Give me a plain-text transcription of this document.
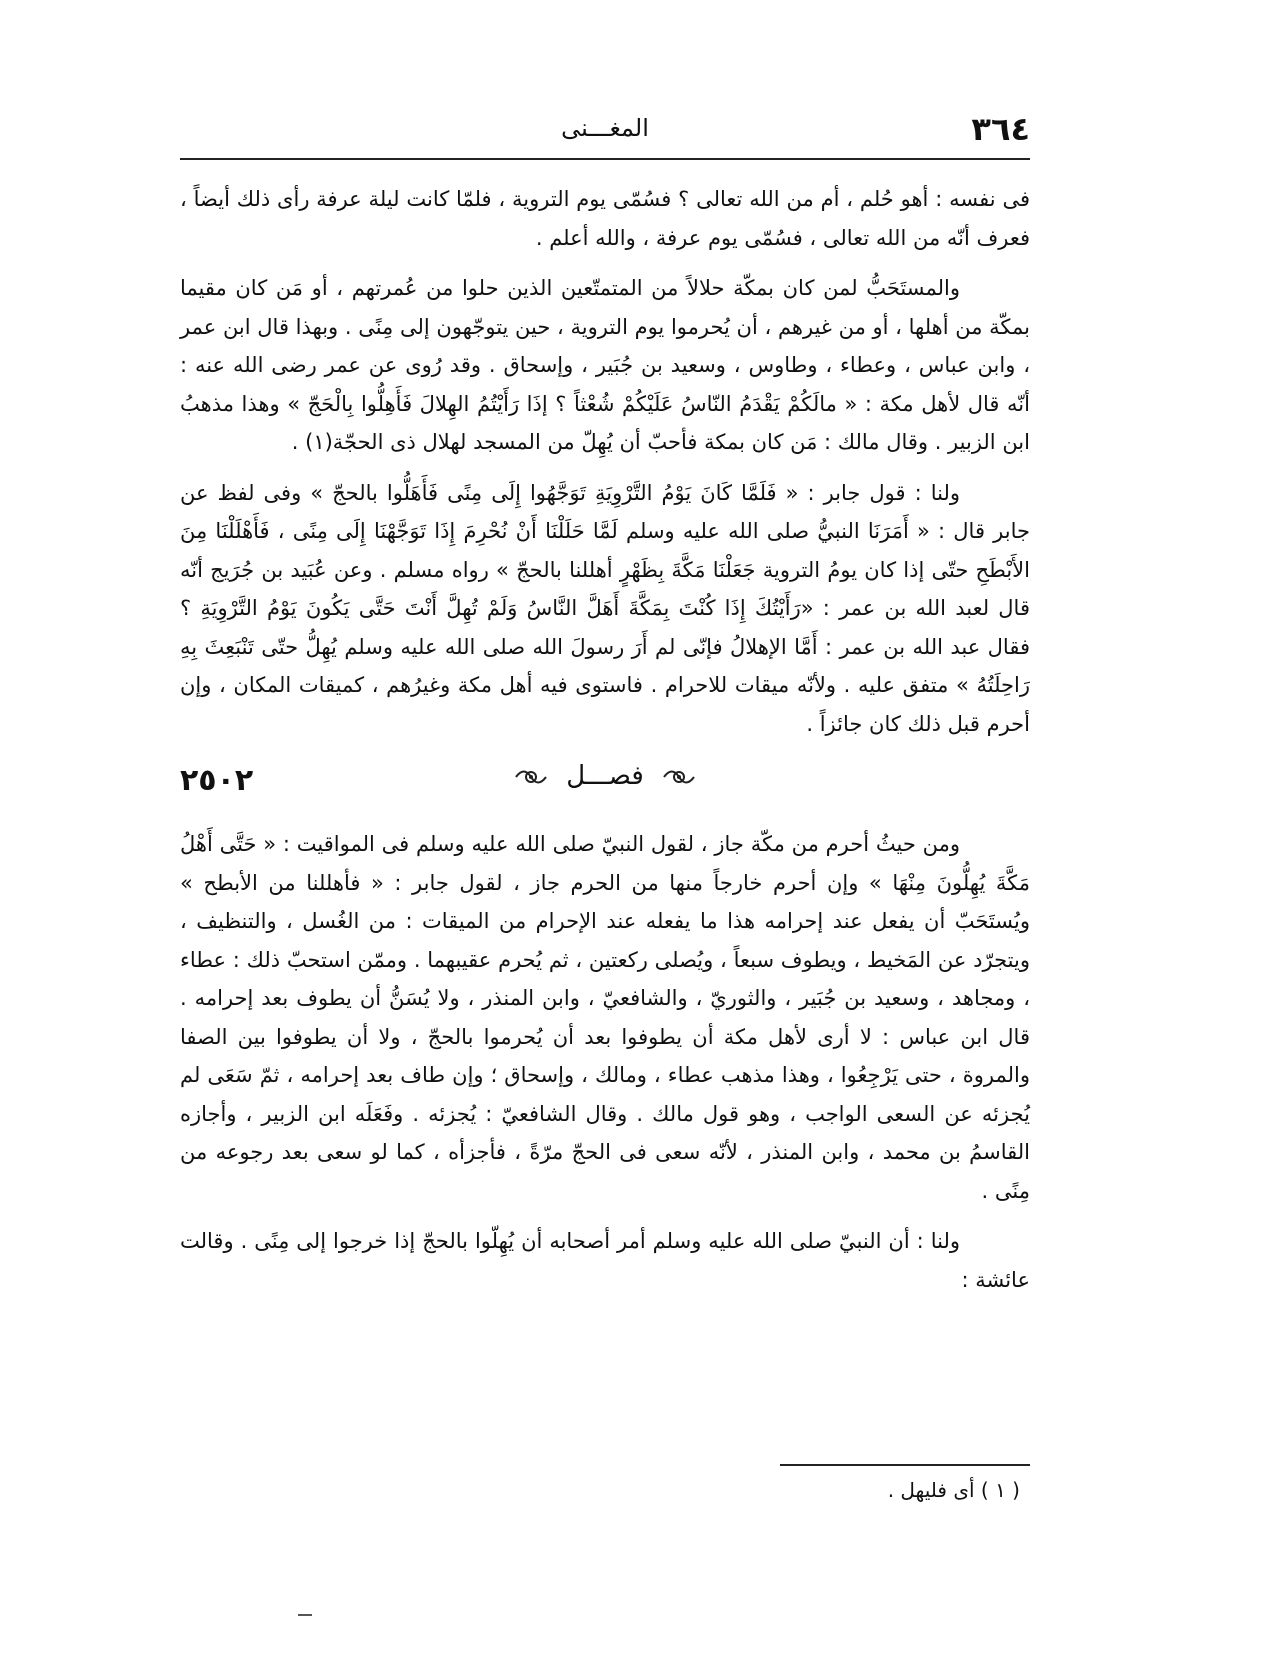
٣٦٤
المغـــنى

فى نفسه : أهو حُلم ، أم من الله تعالى ؟ فسُمّى يوم التروية ، فلمّا كانت ليلة عرفة رأى ذلك أيضاً ، فعرف أنّه من الله تعالى ، فسُمّى يوم عرفة ، والله أعلم .

والمستَحَبُّ لمن كان بمكّة حلالاً من المتمتّعين الذين حلوا من عُمرتهم ، أو مَن كان مقيما بمكّة من أهلها ، أو من غيرهم ، أن يُحرموا يوم التروية ، حين يتوجّهون إلى مِنًى . وبهذا قال ابن عمر ، وابن عباس ، وعطاء ، وطاوس ، وسعيد بن جُبَير ، وإسحاق . وقد رُوى عن عمر رضى الله عنه : أنّه قال لأهل مكة : « مالَكُمْ يَقْدَمُ النّاسُ عَلَيْكُمْ شُعْثاً ؟ إذَا رَأَيْتُمُ الهِلالَ فَأَهِلُّوا بِالْحَجّ » وهذا مذهبُ ابن الزبير . وقال مالك : مَن كان بمكة فأحبّ أن يُهِلّ من المسجد لهلال ذى الحجّة(١) .

ولنا : قول جابر : « فَلَمَّا كَانَ يَوْمُ التَّرْوِيَةِ تَوَجَّهُوا إِلَى مِنًى فَأَهَلُّوا بالحجّ » وفى لفظ عن جابر قال : « أَمَرَنَا النبيُّ صلى الله عليه وسلم لَمَّا حَلَلْنَا أَنْ نُحْرِمَ إِذَا تَوَجَّهْنَا إِلَى مِنًى ، فَأَهْلَلْنَا مِنَ الأَبْطَحِ حتّى إذا كان يومُ التروية جَعَلْنَا مَكَّةَ بِظَهْرٍ أهللنا بالحجّ » رواه مسلم . وعن عُبَيد بن جُرَيج أنّه قال لعبد الله بن عمر : «رَأَيْتُكَ إِذَا كُنْتَ بِمَكَّةَ أَهَلَّ النَّاسُ وَلَمْ تُهِلَّ أَنْتَ حَتَّى يَكُونَ يَوْمُ التَّرْوِيَةِ ؟ فقال عبد الله بن عمر : أَمَّا الإهلالُ فإنّى لم أَرَ رسولَ الله صلى الله عليه وسلم يُهِلُّ حتّى تَنْبَعِثَ بِهِ رَاحِلَتُهُ » متفق عليه . ولأنّه ميقات للاحرام . فاستوى فيه أهل مكة وغيرُهم ، كميقات المكان ، وإن أحرم قبل ذلك كان جائزاً .

٢٥٠٢	فصـــل

ومن حيثُ أحرم من مكّة جاز ، لقول النبيّ صلى الله عليه وسلم فى المواقيت : « حَتَّى أَهْلُ مَكَّةَ يُهِلُّونَ مِنْهَا » وإن أحرم خارجاً منها من الحرم جاز ، لقول جابر : « فأهللنا من الأبطح » ويُستَحَبّ أن يفعل عند إحرامه هذا ما يفعله عند الإحرام من الميقات : من الغُسل ، والتنظيف ، ويتجرّد عن المَخيط ، ويطوف سبعاً ، ويُصلى ركعتين ، ثم يُحرم عقيبهما . وممّن استحبّ ذلك : عطاء ، ومجاهد ، وسعيد بن جُبَير ، والثوريّ ، والشافعيّ ، وابن المنذر ، ولا يُسَنُّ أن يطوف بعد إحرامه . قال ابن عباس : لا أرى لأهل مكة أن يطوفوا بعد أن يُحرموا بالحجّ ، ولا أن يطوفوا بين الصفا والمروة ، حتى يَرْجِعُوا ، وهذا مذهب عطاء ، ومالك ، وإسحاق ؛ وإن طاف بعد إحرامه ، ثمّ سَعَى لم يُجزئه عن السعى الواجب ، وهو قول مالك . وقال الشافعيّ : يُجزئه . وفَعَلَه ابن الزبير ، وأجازه القاسمُ بن محمد ، وابن المنذر ، لأنّه سعى فى الحجّ مرّةً ، فأجزأه ، كما لو سعى بعد رجوعه من مِنًى .

ولنا : أن النبيّ صلى الله عليه وسلم أمر أصحابه أن يُهِلّوا بالحجّ إذا خرجوا إلى مِنًى . وقالت عائشة :

( ١ ) أى فليهل .
